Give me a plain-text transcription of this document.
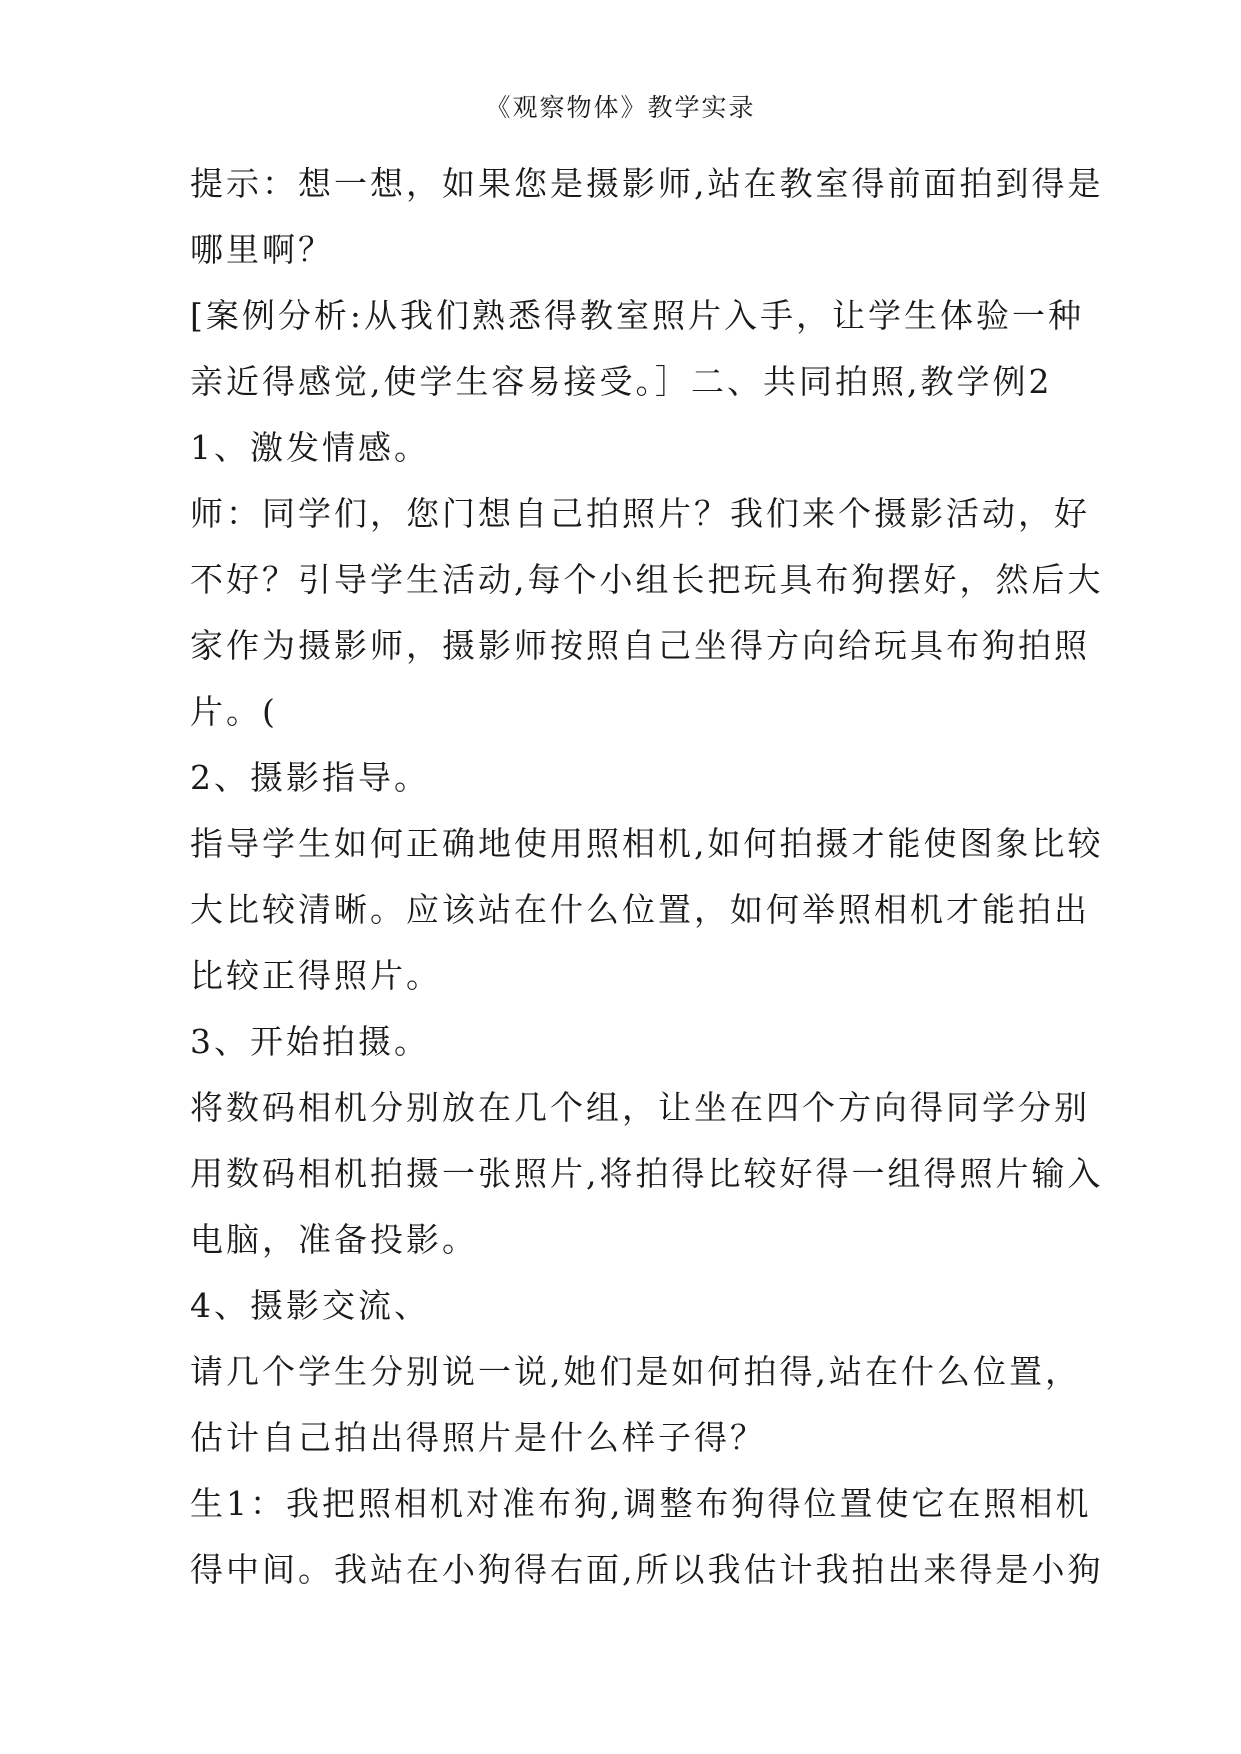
《观察物体》教学实录
提示：想一想，如果您是摄影师,站在教室得前面拍到得是
哪里啊？
[案例分析:从我们熟悉得教室照片入手，让学生体验一种
亲近得感觉,使学生容易接受。］二、共同拍照,教学例2
1、激发情感。
师：同学们，您门想自己拍照片？我们来个摄影活动，好
不好？引导学生活动,每个小组长把玩具布狗摆好，然后大
家作为摄影师，摄影师按照自己坐得方向给玩具布狗拍照
片。(
2、摄影指导。
指导学生如何正确地使用照相机,如何拍摄才能使图象比较
大比较清晰。应该站在什么位置，如何举照相机才能拍出
比较正得照片。
3、开始拍摄。
将数码相机分别放在几个组，让坐在四个方向得同学分别
用数码相机拍摄一张照片,将拍得比较好得一组得照片输入
电脑，准备投影。
4、摄影交流、
请几个学生分别说一说,她们是如何拍得,站在什么位置，
估计自己拍出得照片是什么样子得？
生1：我把照相机对准布狗,调整布狗得位置使它在照相机
得中间。我站在小狗得右面,所以我估计我拍出来得是小狗
